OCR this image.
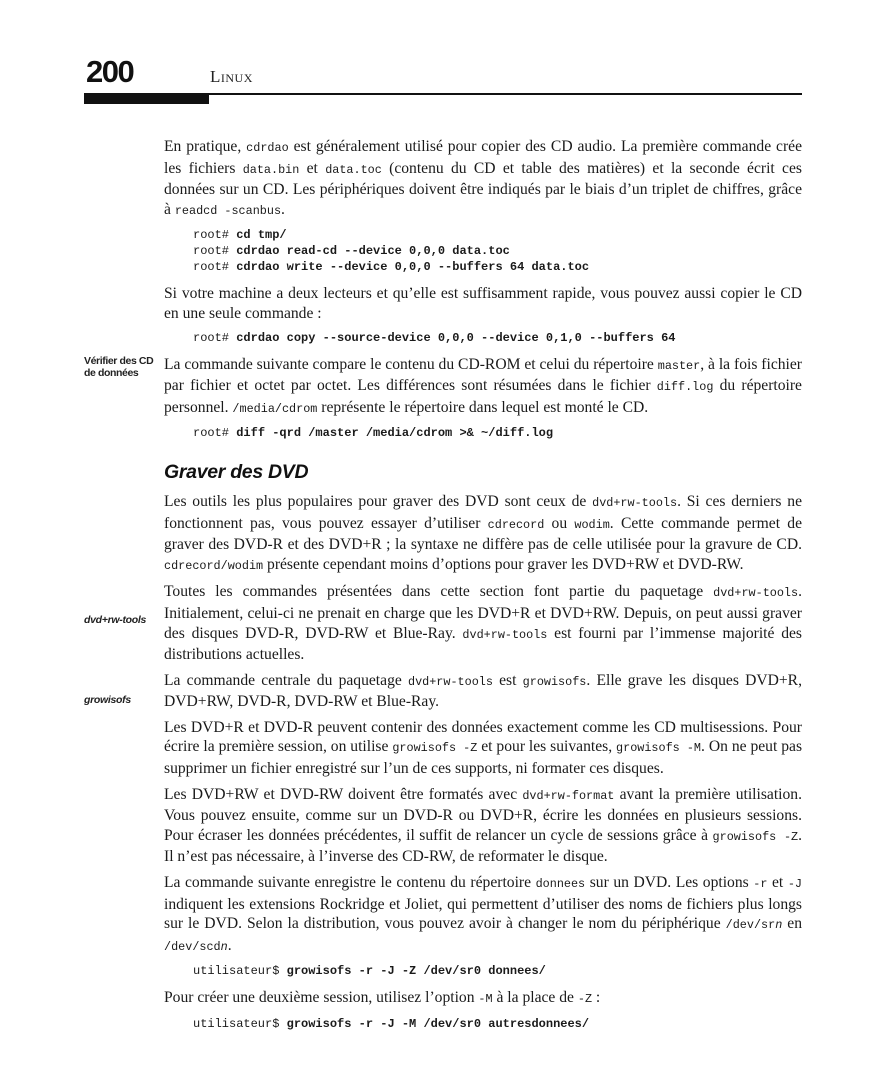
200	Linux
Vérifier des CD de données
dvd+rw-tools
growisofs

En pratique, cdrdao est généralement utilisé pour copier des CD audio. La première commande crée les fichiers data.bin et data.toc (contenu du CD et table des matières) et la seconde écrit ces données sur un CD. Les périphériques doivent être indiqués par le biais d’un triplet de chiffres, grâce à readcd -scanbus.

root# cd tmp/
root# cdrdao read-cd --device 0,0,0 data.toc
root# cdrdao write --device 0,0,0 --buffers 64 data.toc

Si votre machine a deux lecteurs et qu’elle est suffisamment rapide, vous pouvez aussi copier le CD en une seule commande :

root# cdrdao copy --source-device 0,0,0 --device 0,1,0 --buffers 64

La commande suivante compare le contenu du CD-ROM et celui du répertoire master, à la fois fichier par fichier et octet par octet. Les différences sont résumées dans le fichier diff.log du répertoire personnel. /media/cdrom représente le répertoire dans lequel est monté le CD.

root# diff -qrd /master /media/cdrom >& ~/diff.log
Graver des DVD

Les outils les plus populaires pour graver des DVD sont ceux de dvd+rw-tools. Si ces derniers ne fonctionnent pas, vous pouvez essayer d’utiliser cdrecord ou wodim. Cette commande permet de graver des DVD-R et des DVD+R ; la syntaxe ne diffère pas de celle utilisée pour la gravure de CD. cdrecord/wodim présente cependant moins d’options pour graver les DVD+RW et DVD-RW.

Toutes les commandes présentées dans cette section font partie du paquetage dvd+rw-tools. Initialement, celui-ci ne prenait en charge que les DVD+R et DVD+RW. Depuis, on peut aussi graver des disques DVD-R, DVD-RW et Blue-Ray. dvd+rw-tools est fourni par l’immense majorité des distributions actuelles.

La commande centrale du paquetage dvd+rw-tools est growisofs. Elle grave les disques DVD+R, DVD+RW, DVD-R, DVD-RW et Blue-Ray.

Les DVD+R et DVD-R peuvent contenir des données exactement comme les CD multisessions. Pour écrire la première session, on utilise growisofs -Z et pour les suivantes, growisofs -M. On ne peut pas supprimer un fichier enregistré sur l’un de ces supports, ni formater ces disques.

Les DVD+RW et DVD-RW doivent être formatés avec dvd+rw-format avant la première utilisation. Vous pouvez ensuite, comme sur un DVD-R ou DVD+R, écrire les données en plusieurs sessions. Pour écraser les données précédentes, il suffit de relancer un cycle de sessions grâce à growisofs -Z. Il n’est pas nécessaire, à l’inverse des CD-RW, de reformater le disque.

La commande suivante enregistre le contenu du répertoire donnees sur un DVD. Les options -r et -J indiquent les extensions Rockridge et Joliet, qui permettent d’utiliser des noms de fichiers plus longs sur le DVD. Selon la distribution, vous pouvez avoir à changer le nom du périphérique /dev/srn en /dev/scdn.

utilisateur$ growisofs -r -J -Z /dev/sr0 donnees/

Pour créer une deuxième session, utilisez l’option -M à la place de -Z :

utilisateur$ growisofs -r -J -M /dev/sr0 autresdonnees/
